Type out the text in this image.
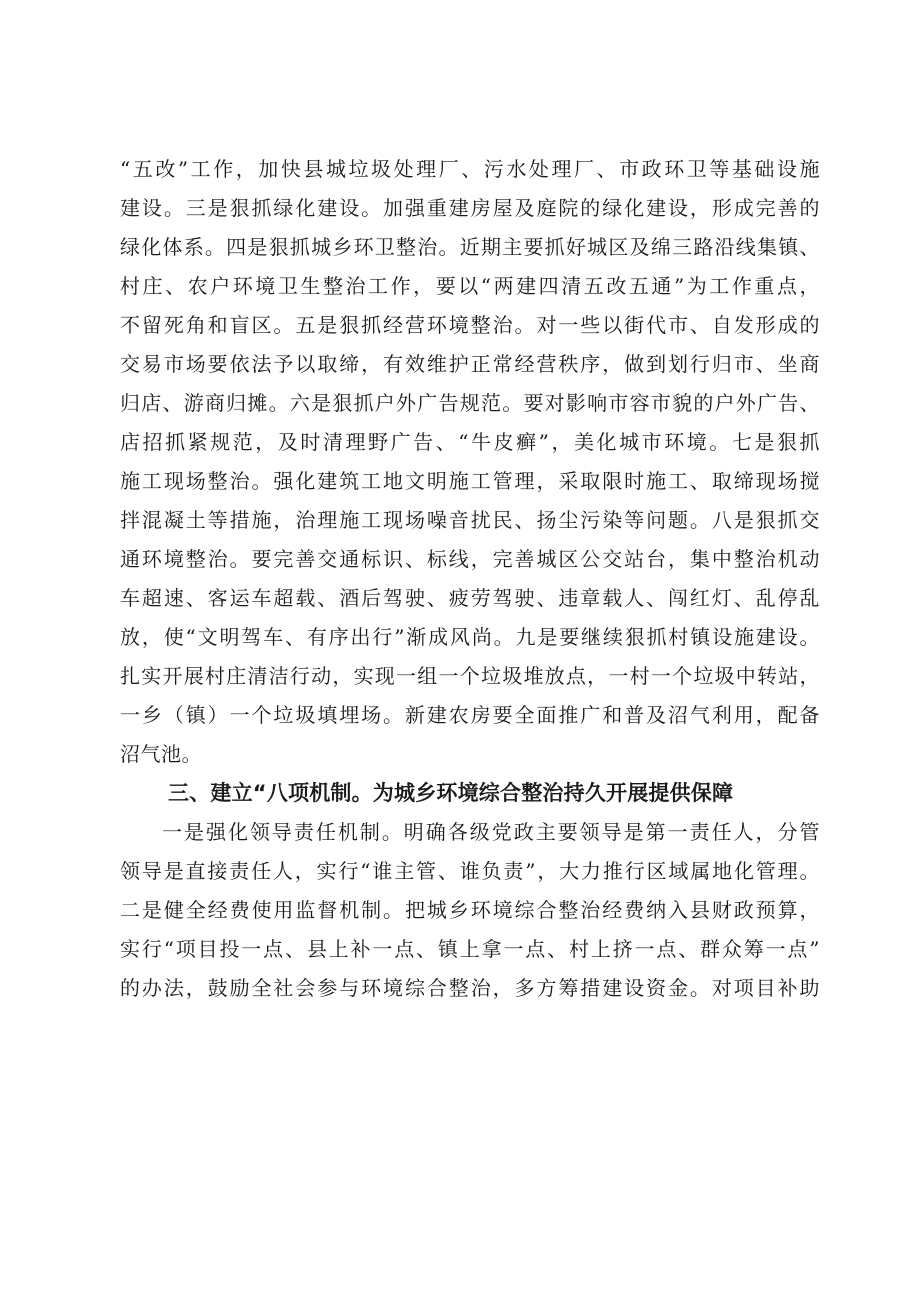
“五改”工作，加快县城垃圾处理厂、污水处理厂、市政环卫等基础设施
建设。三是狠抓绿化建设。加强重建房屋及庭院的绿化建设，形成完善的
绿化体系。四是狠抓城乡环卫整治。近期主要抓好城区及绵三路沿线集镇、
村庄、农户环境卫生整治工作，要以“两建四清五改五通”为工作重点，
不留死角和盲区。五是狠抓经营环境整治。对一些以街代市、自发形成的
交易市场要依法予以取缔，有效维护正常经营秩序，做到划行归市、坐商
归店、游商归摊。六是狠抓户外广告规范。要对影响市容市貌的户外广告、
店招抓紧规范，及时清理野广告、“牛皮癣”，美化城市环境。七是狠抓
施工现场整治。强化建筑工地文明施工管理，采取限时施工、取缔现场搅
拌混凝土等措施，治理施工现场噪音扰民、扬尘污染等问题。八是狠抓交
通环境整治。要完善交通标识、标线，完善城区公交站台，集中整治机动
车超速、客运车超载、酒后驾驶、疲劳驾驶、违章载人、闯红灯、乱停乱
放，使“文明驾车、有序出行”渐成风尚。九是要继续狠抓村镇设施建设。
扎实开展村庄清洁行动，实现一组一个垃圾堆放点，一村一个垃圾中转站，
一乡（镇）一个垃圾填埋场。新建农房要全面推广和普及沼气利用，配备
沼气池。
三、建立“八项机制。为城乡环境综合整治持久开展提供保障
一是强化领导责任机制。明确各级党政主要领导是第一责任人，分管
领导是直接责任人，实行“谁主管、谁负责”，大力推行区域属地化管理。
二是健全经费使用监督机制。把城乡环境综合整治经费纳入县财政预算，
实行“项目投一点、县上补一点、镇上拿一点、村上挤一点、群众筹一点”
的办法，鼓励全社会参与环境综合整治，多方筹措建设资金。对项目补助
